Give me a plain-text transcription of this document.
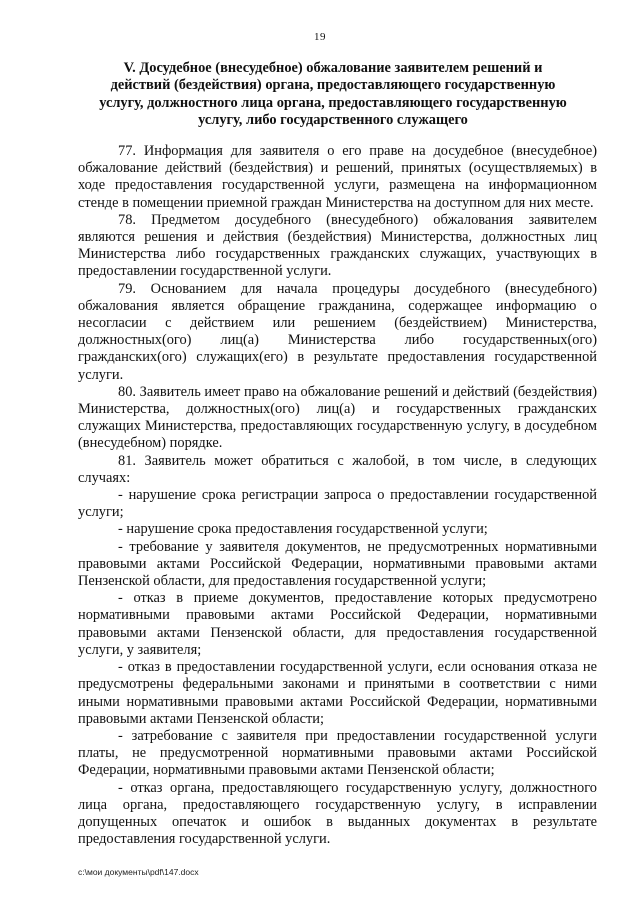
19
V. Досудебное (внесудебное) обжалование заявителем решений и
действий (бездействия) органа, предоставляющего государственную
услугу, должностного лица органа, предоставляющего государственную
услугу, либо государственного служащего

77. Информация для заявителя о его праве на досудебное (внесудебное) обжалование действий (бездействия) и решений, принятых (осуществляемых) в ходе предоставления государственной услуги, размещена на информационном стенде в помещении приемной граждан Министерства на доступном для них месте.

78. Предметом досудебного (внесудебного) обжалования заявителем являются решения и действия (бездействия) Министерства, должностных лиц Министерства либо государственных гражданских служащих, участвующих в предоставлении государственной услуги.

79. Основанием для начала процедуры досудебного (внесудебного) обжалования является обращение гражданина, содержащее информацию о несогласии с действием или решением (бездействием) Министерства, должностных(ого) лиц(а) Министерства либо государственных(ого) гражданских(ого) служащих(его) в результате предоставления государственной услуги.

80. Заявитель имеет право на обжалование решений и действий (бездействия) Министерства, должностных(ого) лиц(а) и государственных гражданских служащих Министерства, предоставляющих государственную услугу, в досудебном (внесудебном) порядке.

81. Заявитель может обратиться с жалобой, в том числе, в следующих случаях:

- нарушение срока регистрации запроса о предоставлении государственной услуги;

- нарушение срока предоставления государственной услуги;

- требование у заявителя документов, не предусмотренных нормативными правовыми актами Российской Федерации, нормативными правовыми актами Пензенской области, для предоставления государственной услуги;

- отказ в приеме документов, предоставление которых предусмотрено нормативными правовыми актами Российской Федерации, нормативными правовыми актами Пензенской области, для предоставления государственной услуги, у заявителя;

- отказ в предоставлении государственной услуги, если основания отказа не предусмотрены федеральными законами и принятыми в соответствии с ними иными нормативными правовыми актами Российской Федерации, нормативными правовыми актами Пензенской области;

- затребование с заявителя при предоставлении государственной услуги платы, не предусмотренной нормативными правовыми актами Российской Федерации, нормативными правовыми актами Пензенской области;

- отказ органа, предоставляющего государственную услугу, должностного лица органа, предоставляющего государственную услугу, в исправлении допущенных опечаток и ошибок в выданных документах в результате предоставления государственной услуги.

c:\мои документы\pdf\147.docx
